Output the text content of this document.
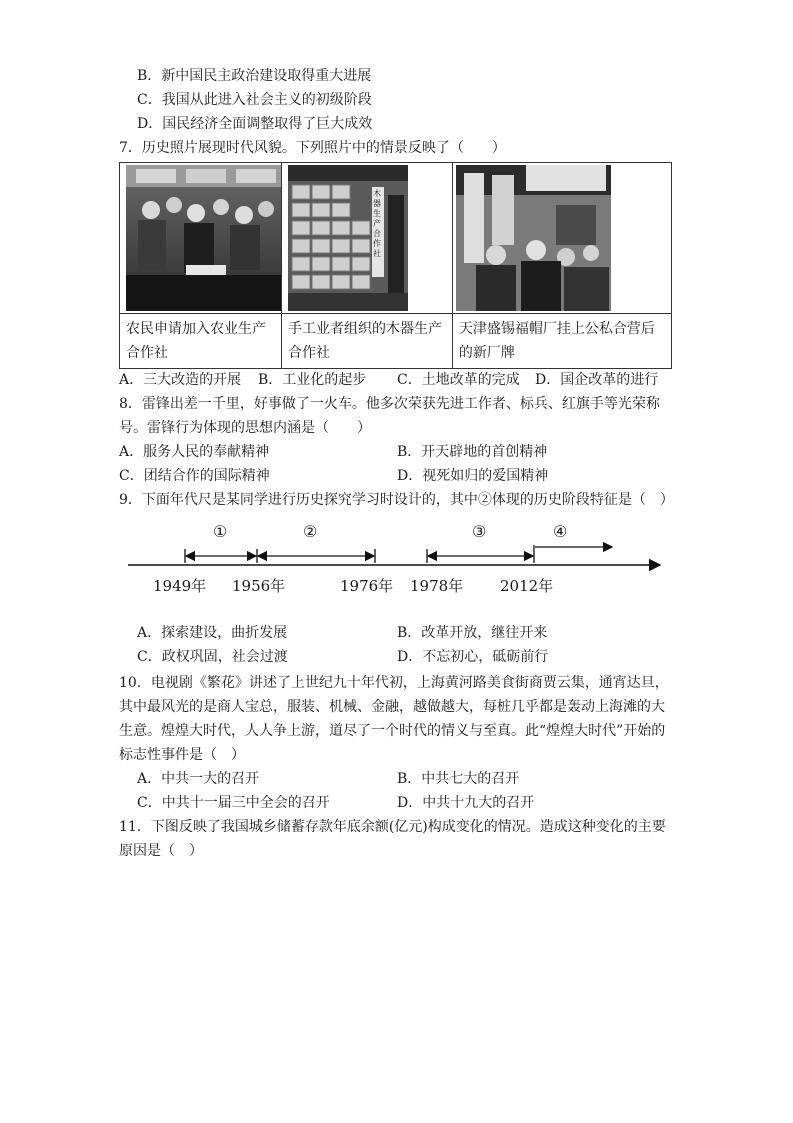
B．新中国民主政治建设取得重大进展
C．我国从此进入社会主义的初级阶段
D．国民经济全面调整取得了巨大成效
7．历史照片展现时代风貌。下列照片中的情景反映了（　　）

木器生产合作社

农民申请加入农业生产合作社	手工业者组织的木器生产合作社	天津盛锡福帽厂挂上公私合营后的新厂牌
A．三大改造的开展 B．工业化的起步 C．土地改革的完成 D．国企改革的进行
8．雷锋出差一千里，好事做了一火车。他多次荣获先进工作者、标兵、红旗手等光荣称
号。雷锋行为体现的思想内涵是（　　）
A．服务人民的奉献精神	B．开天辟地的首创精神
C．团结合作的国际精神	D．视死如归的爱国精神
9．下面年代尺是某同学进行历史探究学习时设计的，其中②体现的历史阶段特征是（　）
①	②	③	④
1949年 1956年	1976年 1978年 2012年
A．探索建设，曲折发展	B．改革开放，继往开来
C．政权巩固，社会过渡	D．不忘初心，砥砺前行
10．电视剧《繁花》讲述了上世纪九十年代初，上海黄河路美食街商贾云集，通宵达旦，
其中最风光的是商人宝总，服装、机械、金融，越做越大，每桩几乎都是轰动上海滩的大
生意。煌煌大时代，人人争上游，道尽了一个时代的情义与至真。此“煌煌大时代”开始的
标志性事件是（　）
A．中共一大的召开	B．中共七大的召开
C．中共十一届三中全会的召开	D．中共十九大的召开
11．下图反映了我国城乡储蓄存款年底余额(亿元)构成变化的情况。造成这种变化的主要
原因是（　）
